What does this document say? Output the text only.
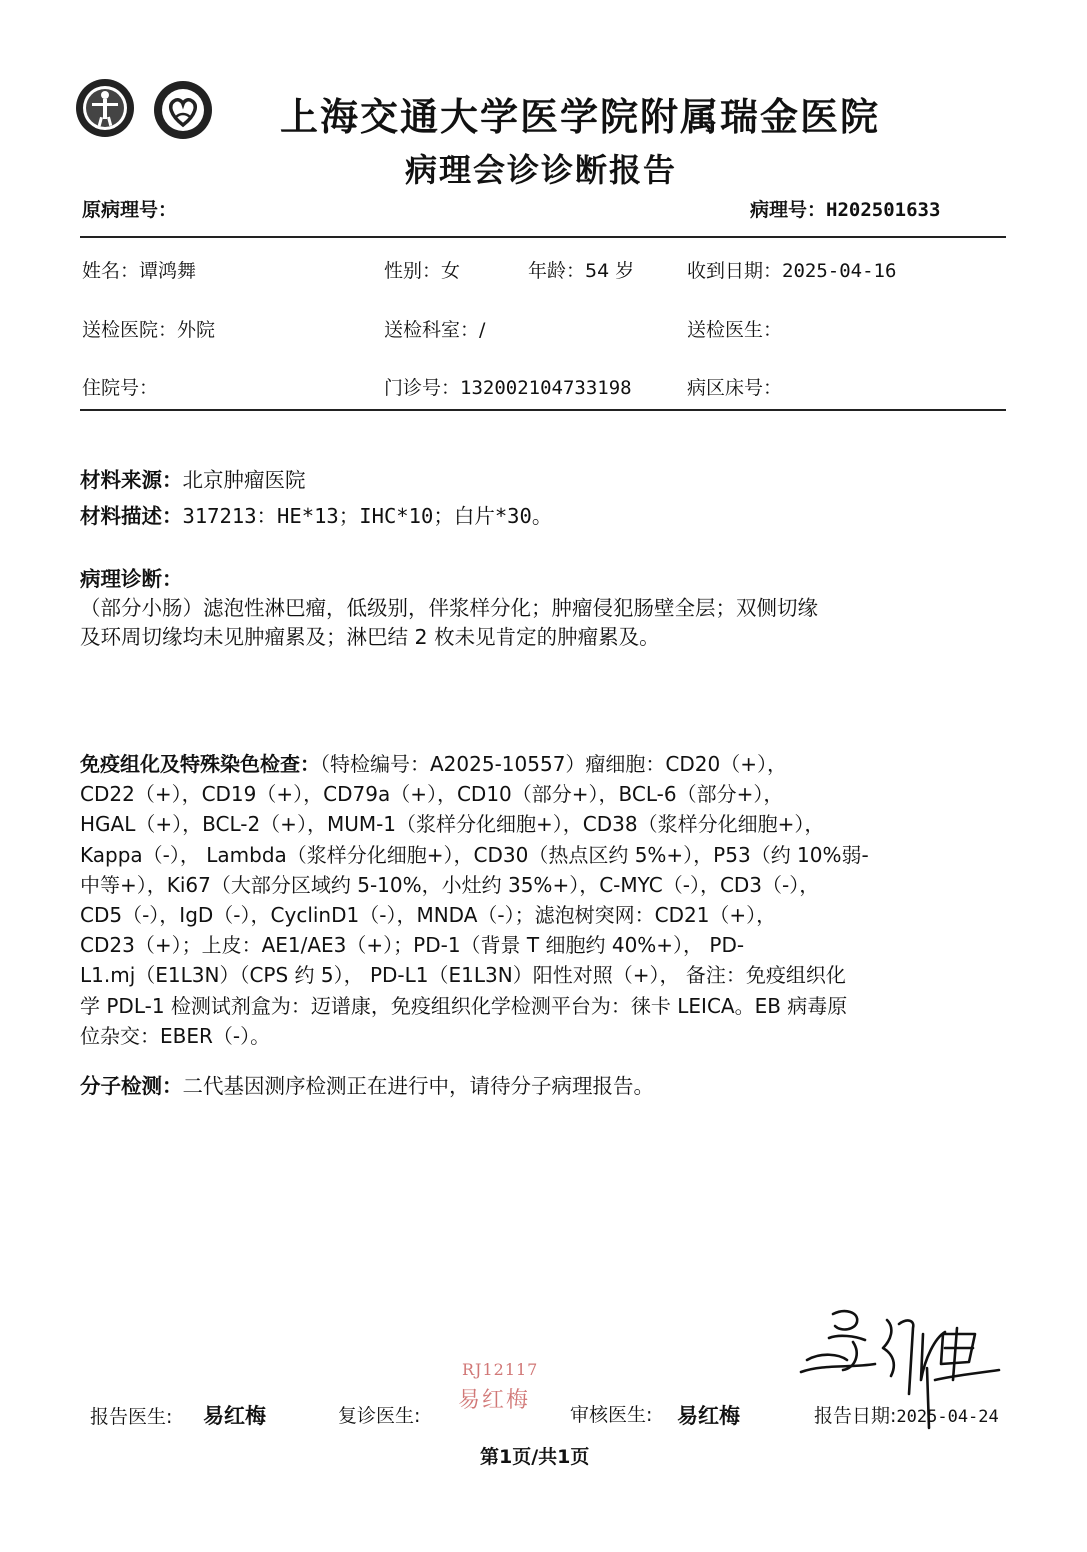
上海交通大学医学院附属瑞金医院
病理会诊诊断报告
原病理号：	病理号：H202501633
姓名：谭鸿舞	性别：女	年龄：54 岁	收到日期：2025-04-16
送检医院：外院	送检科室：/	送检医生：
住院号：	门诊号：132002104733198	病区床号：
材料来源：北京肿瘤医院
材料描述：317213：HE*13；IHC*10；白片*30。
病理诊断：
（部分小肠）滤泡性淋巴瘤，低级别，伴浆样分化；肿瘤侵犯肠壁全层；双侧切缘
及环周切缘均未见肿瘤累及；淋巴结 2 枚未见肯定的肿瘤累及。
免疫组化及特殊染色检查：（特检编号：A2025-10557）瘤细胞：CD20（+），
CD22（+），CD19（+），CD79a（+），CD10（部分+），BCL-6（部分+），
HGAL（+），BCL-2（+），MUM-1（浆样分化细胞+），CD38（浆样分化细胞+），
Kappa（-）， Lambda（浆样分化细胞+），CD30（热点区约 5%+），P53（约 10%弱-
中等+），Ki67（大部分区域约 5-10%，小灶约 35%+），C-MYC（-），CD3（-），
CD5（-），IgD（-），CyclinD1（-），MNDA（-）；滤泡树突网：CD21（+），
CD23（+）；上皮：AE1/AE3（+）；PD-1（背景 T 细胞约 40%+）， PD-
L1.mj（E1L3N）（CPS 约 5）， PD-L1（E1L3N）阳性对照（+）， 备注：免疫组织化
学 PDL-1 检测试剂盒为：迈谱康，免疫组织化学检测平台为：徕卡 LEICA。EB 病毒原
位杂交：EBER（-）。
分子检测：二代基因测序检测正在进行中，请待分子病理报告。
RJ12117
易红梅
报告医生: 易红梅	复诊医生:	审核医生: 易红梅	报告日期:2025-04-24
第1页/共1页
